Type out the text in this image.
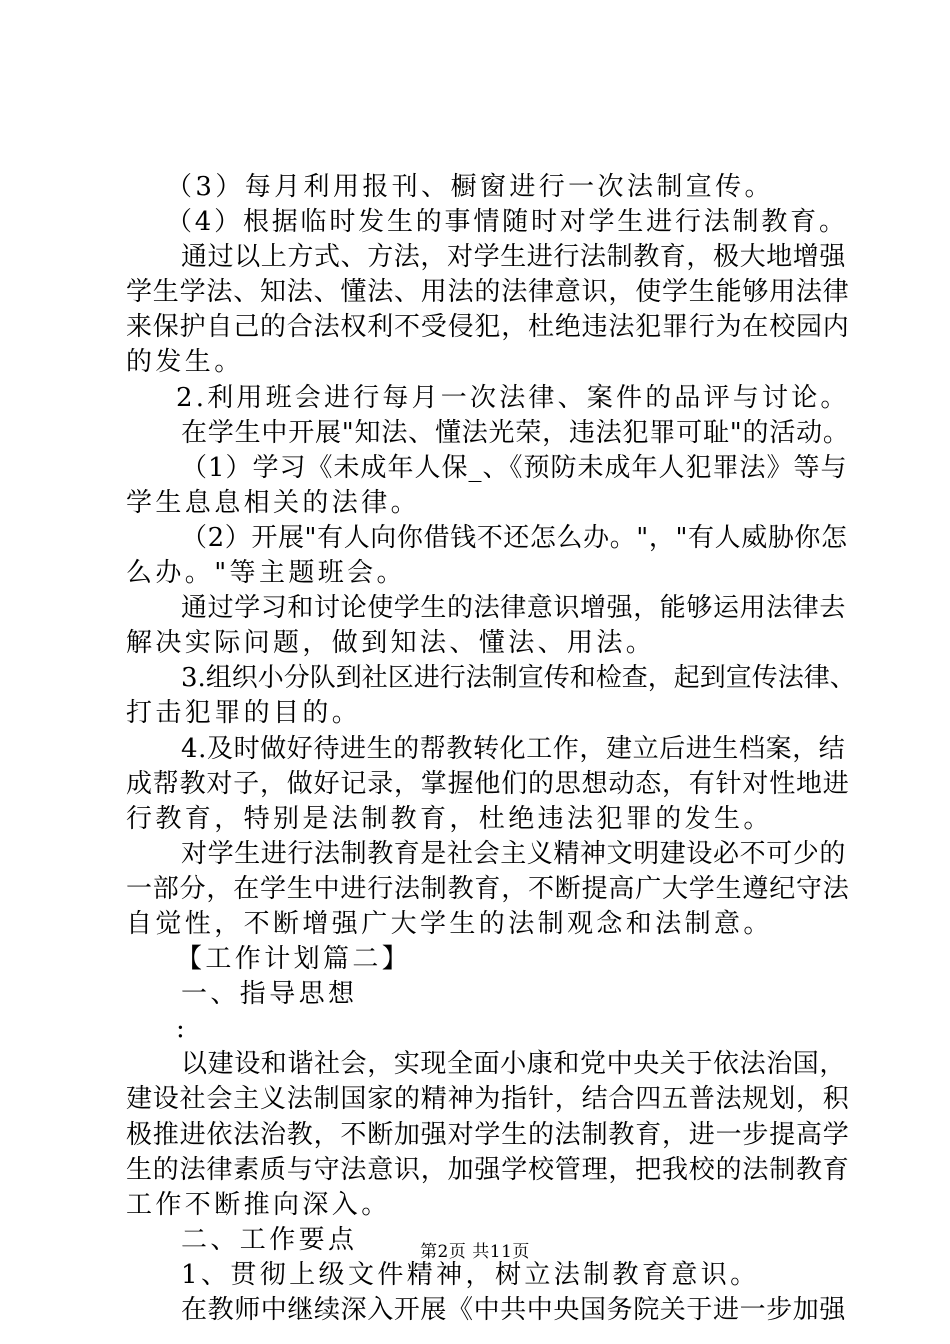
（3）每月利用报刊、橱窗进行一次法制宣传。
（4）根据临时发生的事情随时对学生进行法制教育。
通过以上方式、方法，对学生进行法制教育，极大地增强
学生学法、知法、懂法、用法的法律意识，使学生能够用法律
来保护自己的合法权利不受侵犯，杜绝违法犯罪行为在校园内
的发生。
2.利用班会进行每月一次法律、案件的品评与讨论。
在学生中开展"知法、懂法光荣，违法犯罪可耻"的活动。
（1）学习《未成年人保_、《预防未成年人犯罪法》等与
学生息息相关的法律。
（2）开展"有人向你借钱不还怎么办。"，"有人威胁你怎
么办。"等主题班会。
通过学习和讨论使学生的法律意识增强，能够运用法律去
解决实际问题，做到知法、懂法、用法。
3.组织小分队到社区进行法制宣传和检查，起到宣传法律、
打击犯罪的目的。
4.及时做好待进生的帮教转化工作，建立后进生档案，结
成帮教对子，做好记录，掌握他们的思想动态，有针对性地进
行教育，特别是法制教育，杜绝违法犯罪的发生。
对学生进行法制教育是社会主义精神文明建设必不可少的
一部分，在学生中进行法制教育，不断提高广大学生遵纪守法
自觉性，不断增强广大学生的法制观念和法制意。
【工作计划篇二】
一、指导思想
:
以建设和谐社会，实现全面小康和党中央关于依法治国，
建设社会主义法制国家的精神为指针，结合四五普法规划，积
极推进依法治教，不断加强对学生的法制教育，进一步提高学
生的法律素质与守法意识，加强学校管理，把我校的法制教育
工作不断推向深入。
二、工作要点
1、贯彻上级文件精神，树立法制教育意识。
在教师中继续深入开展《中共中央国务院关于进一步加强
第2页 共11页
